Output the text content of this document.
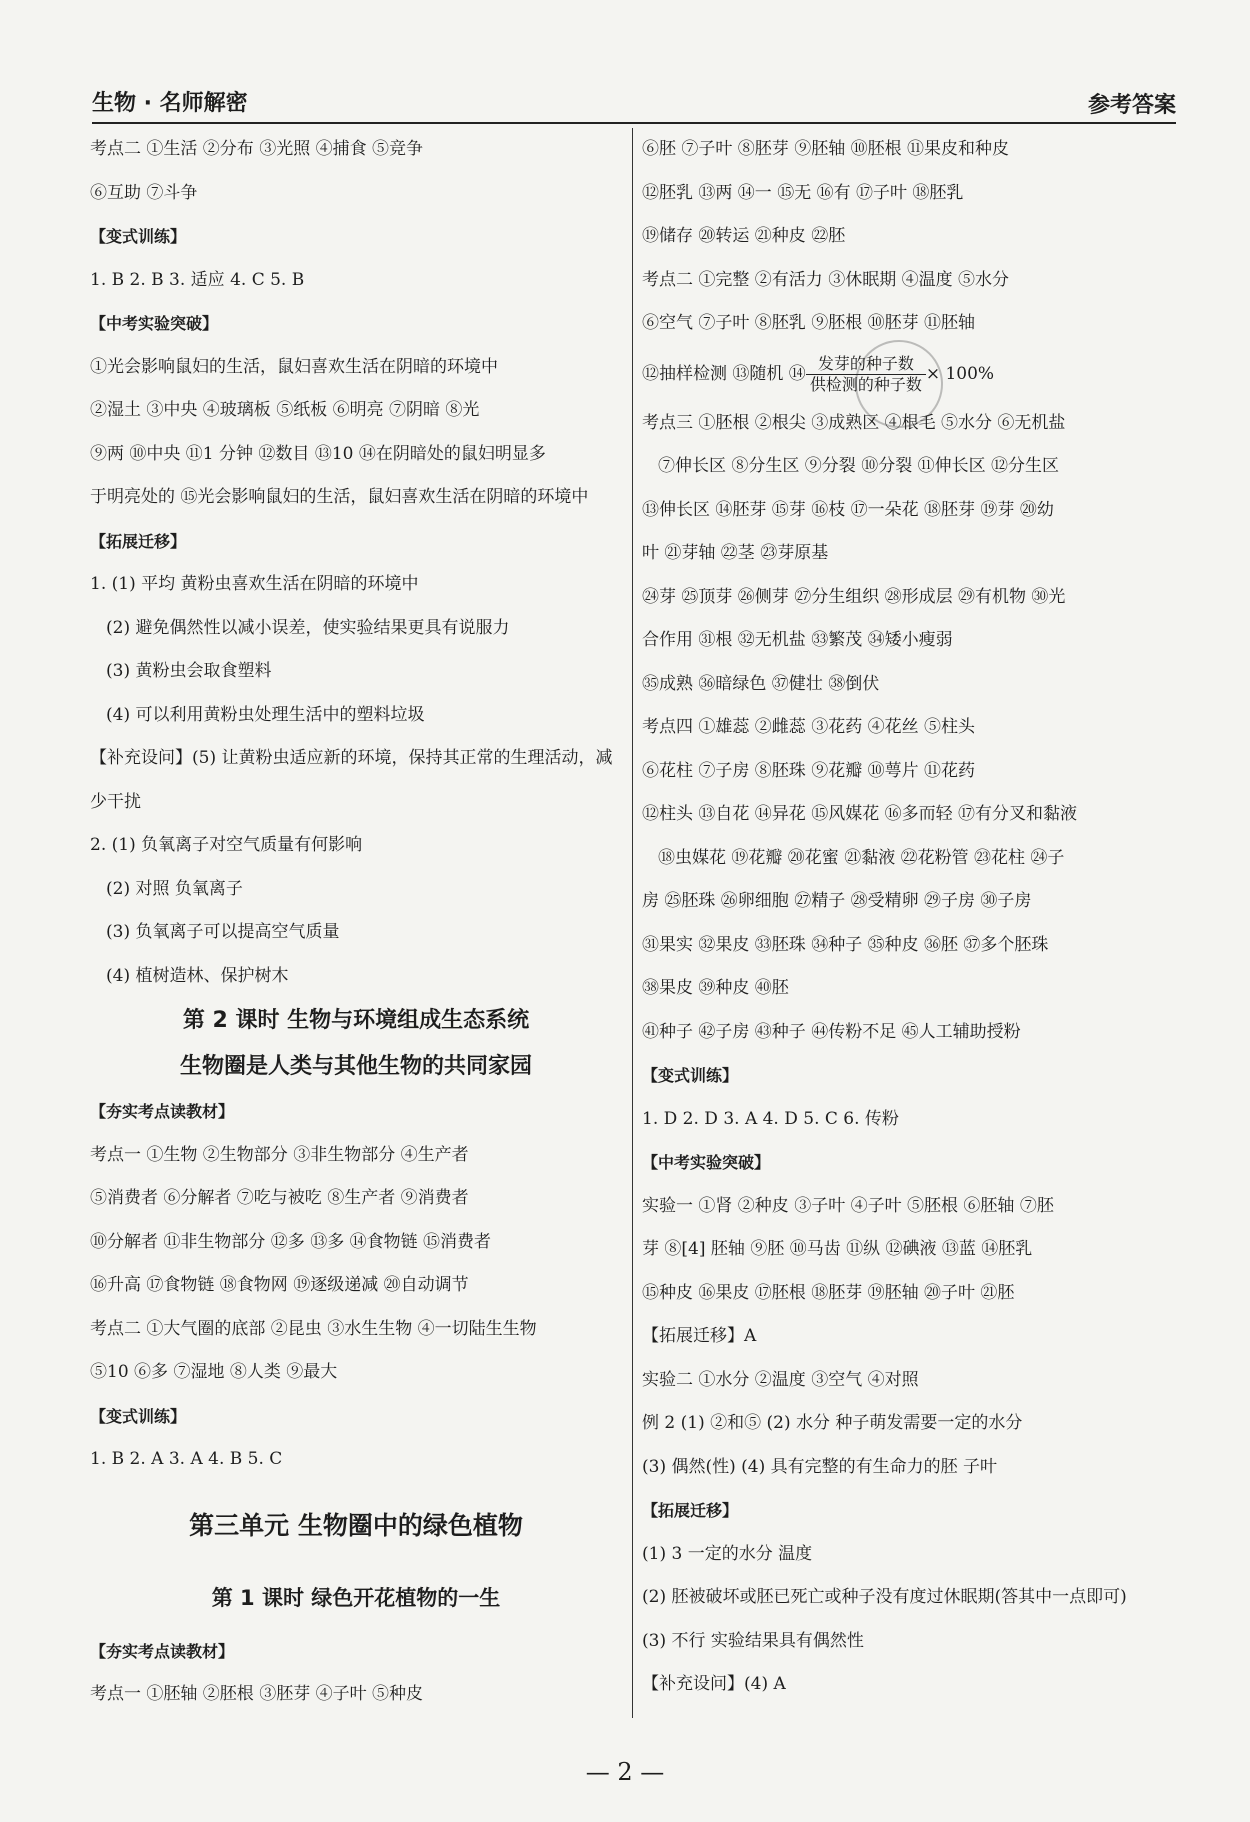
生物 · 名师解密	参考答案
考点二 ①生活 ②分布 ③光照 ④捕食 ⑤竞争
⑥互助 ⑦斗争
【变式训练】
1. B 2. B 3. 适应 4. C 5. B
【中考实验突破】
①光会影响鼠妇的生活，鼠妇喜欢生活在阴暗的环境中
②湿土 ③中央 ④玻璃板 ⑤纸板 ⑥明亮 ⑦阴暗 ⑧光
⑨两 ⑩中央 ⑪1 分钟 ⑫数目 ⑬10 ⑭在阴暗处的鼠妇明显多
于明亮处的 ⑮光会影响鼠妇的生活，鼠妇喜欢生活在阴暗的环境中
【拓展迁移】
1. (1) 平均 黄粉虫喜欢生活在阴暗的环境中
(2) 避免偶然性以减小误差，使实验结果更具有说服力
(3) 黄粉虫会取食塑料
(4) 可以利用黄粉虫处理生活中的塑料垃圾
【补充设问】(5) 让黄粉虫适应新的环境，保持其正常的生理活动，减
少干扰
2. (1) 负氧离子对空气质量有何影响
(2) 对照 负氧离子
(3) 负氧离子可以提高空气质量
(4) 植树造林、保护树木
第 2 课时 生物与环境组成生态系统
生物圈是人类与其他生物的共同家园
【夯实考点读教材】
考点一 ①生物 ②生物部分 ③非生物部分 ④生产者
⑤消费者 ⑥分解者 ⑦吃与被吃 ⑧生产者 ⑨消费者
⑩分解者 ⑪非生物部分 ⑫多 ⑬多 ⑭食物链 ⑮消费者
⑯升高 ⑰食物链 ⑱食物网 ⑲逐级递减 ⑳自动调节
考点二 ①大气圈的底部 ②昆虫 ③水生生物 ④一切陆生生物
⑤10 ⑥多 ⑦湿地 ⑧人类 ⑨最大
【变式训练】
1. B 2. A 3. A 4. B 5. C
第三单元 生物圈中的绿色植物
第 1 课时 绿色开花植物的一生
【夯实考点读教材】
考点一 ①胚轴 ②胚根 ③胚芽 ④子叶 ⑤种皮
⑥胚 ⑦子叶 ⑧胚芽 ⑨胚轴 ⑩胚根 ⑪果皮和种皮
⑫胚乳 ⑬两 ⑭一 ⑮无 ⑯有 ⑰子叶 ⑱胚乳
⑲储存 ⑳转运 ㉑种皮 ㉒胚
考点二 ①完整 ②有活力 ③休眠期 ④温度 ⑤水分
⑥空气 ⑦子叶 ⑧胚乳 ⑨胚根 ⑩胚芽 ⑪胚轴
⑫抽样检测 ⑬随机 ⑭ $\frac{\text{发芽的种子数}}{\text{供检测的种子数}} \times 100\%$
考点三 ①胚根 ②根尖 ③成熟区 ④根毛 ⑤水分 ⑥无机盐
⑦伸长区 ⑧分生区 ⑨分裂 ⑩分裂 ⑪伸长区 ⑫分生区
⑬伸长区 ⑭胚芽 ⑮芽 ⑯枝 ⑰一朵花 ⑱胚芽 ⑲芽 ⑳幼
叶 ㉑芽轴 ㉒茎 ㉓芽原基
㉔芽 ㉕顶芽 ㉖侧芽 ㉗分生组织 ㉘形成层 ㉙有机物 ㉚光
合作用 ㉛根 ㉜无机盐 ㉝繁茂 ㉞矮小瘦弱
㉟成熟 ㊱暗绿色 ㊲健壮 ㊳倒伏
考点四 ①雄蕊 ②雌蕊 ③花药 ④花丝 ⑤柱头
⑥花柱 ⑦子房 ⑧胚珠 ⑨花瓣 ⑩萼片 ⑪花药
⑫柱头 ⑬自花 ⑭异花 ⑮风媒花 ⑯多而轻 ⑰有分叉和黏液
⑱虫媒花 ⑲花瓣 ⑳花蜜 ㉑黏液 ㉒花粉管 ㉓花柱 ㉔子
房 ㉕胚珠 ㉖卵细胞 ㉗精子 ㉘受精卵 ㉙子房 ㉚子房
㉛果实 ㉜果皮 ㉝胚珠 ㉞种子 ㉟种皮 ㊱胚 ㊲多个胚珠
㊳果皮 ㊴种皮 ㊵胚
㊶种子 ㊷子房 ㊸种子 ㊹传粉不足 ㊺人工辅助授粉
【变式训练】
1. D 2. D 3. A 4. D 5. C 6. 传粉
【中考实验突破】
实验一 ①肾 ②种皮 ③子叶 ④子叶 ⑤胚根 ⑥胚轴 ⑦胚
芽 ⑧[4] 胚轴 ⑨胚 ⑩马齿 ⑪纵 ⑫碘液 ⑬蓝 ⑭胚乳
⑮种皮 ⑯果皮 ⑰胚根 ⑱胚芽 ⑲胚轴 ⑳子叶 ㉑胚
【拓展迁移】A
实验二 ①水分 ②温度 ③空气 ④对照
例 2 (1) ②和⑤ (2) 水分 种子萌发需要一定的水分
(3) 偶然(性) (4) 具有完整的有生命力的胚 子叶
【拓展迁移】
(1) 3 一定的水分 温度
(2) 胚被破坏或胚已死亡或种子没有度过休眠期(答其中一点即可)
(3) 不行 实验结果具有偶然性
【补充设问】(4) A
— 2 —
